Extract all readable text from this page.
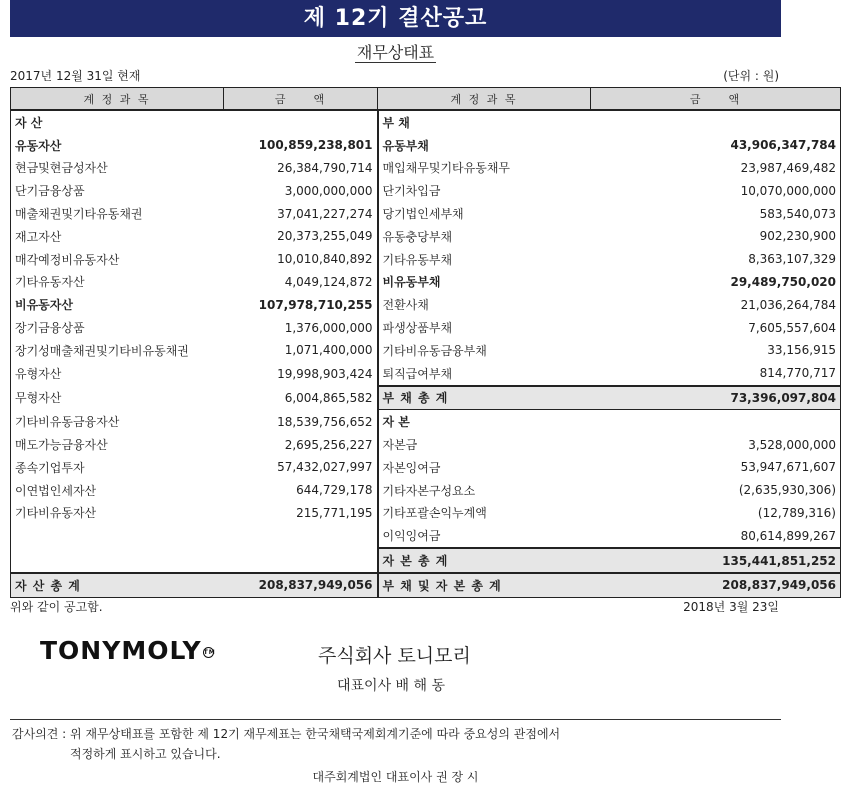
제 12기 결산공고
재무상태표
2017년 12월 31일 현재	(단위 : 원)
계 정 과 목	금　　액	계 정 과 목	금　　액
자 산		부 채	
유동자산	100,859,238,801	유동부채	43,906,347,784
현금및현금성자산	26,384,790,714	매입채무및기타유동채무	23,987,469,482
단기금융상품	3,000,000,000	단기차입금	10,070,000,000
매출채권및기타유동채권	37,041,227,274	당기법인세부채	583,540,073
재고자산	20,373,255,049	유동충당부채	902,230,900
매각예정비유동자산	10,010,840,892	기타유동부채	8,363,107,329
기타유동자산	4,049,124,872	비유동부채	29,489,750,020
비유동자산	107,978,710,255	전환사채	21,036,264,784
장기금융상품	1,376,000,000	파생상품부채	7,605,557,604
장기성매출채권및기타비유동채권	1,071,400,000	기타비유동금융부채	33,156,915
유형자산	19,998,903,424	퇴직급여부채	814,770,717
무형자산	6,004,865,582	부 채 총 계	73,396,097,804
기타비유동금융자산	18,539,756,652	자 본	
매도가능금융자산	2,695,256,227	자본금	3,528,000,000
종속기업투자	57,432,027,997	자본잉여금	53,947,671,607
이연법인세자산	644,729,178	기타자본구성요소	(2,635,930,306)
기타비유동자산	215,771,195	기타포괄손익누계액	(12,789,316)
		이익잉여금	80,614,899,267
		자 본 총 계	135,441,851,252
자 산 총 계	208,837,949,056	부 채 및 자 본 총 계	208,837,949,056
위와 같이 공고함.	2018년 3월 23일
TONYMOLY TM	주식회사 토니모리
대표이사 배 해 동
감사의견 : 위 재무상태표를 포함한 제 12기 재무제표는 한국채택국제회계기준에 따라 중요성의 관점에서
적정하게 표시하고 있습니다.
대주회계법인 대표이사 권 장 시
